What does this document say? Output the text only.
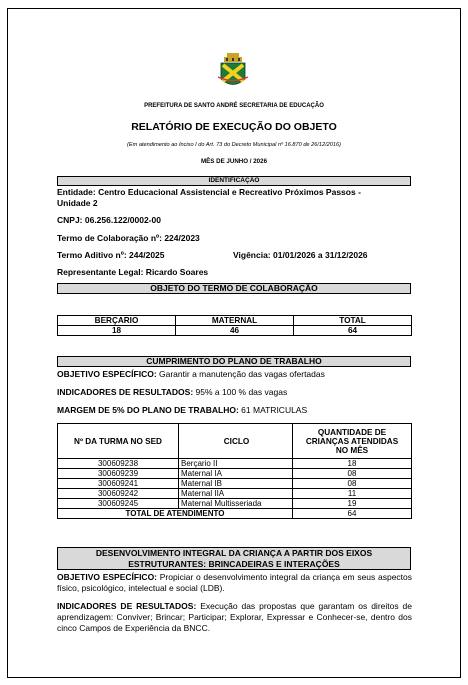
PREFEITURA DE SANTO ANDRÉ SECRETARIA DE EDUCAÇÃO
RELATÓRIO DE EXECUÇÃO DO OBJETO
(Em atendimento ao Inciso I do Art. 73 do Decreto Municipal nº 16.870 de 26/12/2016)
MÊS DE JUNHO / 2026
IDENTIFICAÇÃO
Entidade: Centro Educacional Assistencial e Recreativo Próximos Passos -
Unidade 2
CNPJ: 06.256.122/0002-00
Termo de Colaboração nº: 224/2023
Termo Aditivo nº: 244/2025	Vigência: 01/01/2026 a 31/12/2026
Representante Legal: Ricardo Soares
OBJETO DO TERMO DE COLABORAÇÃO
BERÇARIO	MATERNAL	TOTAL
18	46	64
CUMPRIMENTO DO PLANO DE TRABALHO
OBJETIVO ESPECÍFICO: Garantir a manutenção das vagas ofertadas
INDICADORES DE RESULTADOS: 95% a 100 % das vagas
MARGEM DE 5% DO PLANO DE TRABALHO: 61 MATRICULAS
Nº DA TURMA NO SED	CICLO	QUANTIDADE DE CRIANÇAS ATENDIDAS NO MÊS
300609238	Berçario II	18
300609239	Maternal IA	08
300609241	Maternal IB	08
300609242	Maternal IIA	11
300609245	Maternal Multisseriada	19
TOTAL DE ATENDIMENTO		64
DESENVOLVIMENTO INTEGRAL DA CRIANÇA A PARTIR DOS EIXOS
ESTRUTURANTES: BRINCADEIRAS E INTERAÇÕES
OBJETIVO ESPECÍFICO: Propiciar o desenvolvimento integral da criança em seus aspectos físico, psicológico, intelectual e social (LDB).
INDICADORES DE RESULTADOS: Execução das propostas que garantam os direitos de aprendizagem: Conviver; Brincar; Participar; Explorar, Expressar e Conhecer-se, dentro dos cinco Campos de Experiência da BNCC.
